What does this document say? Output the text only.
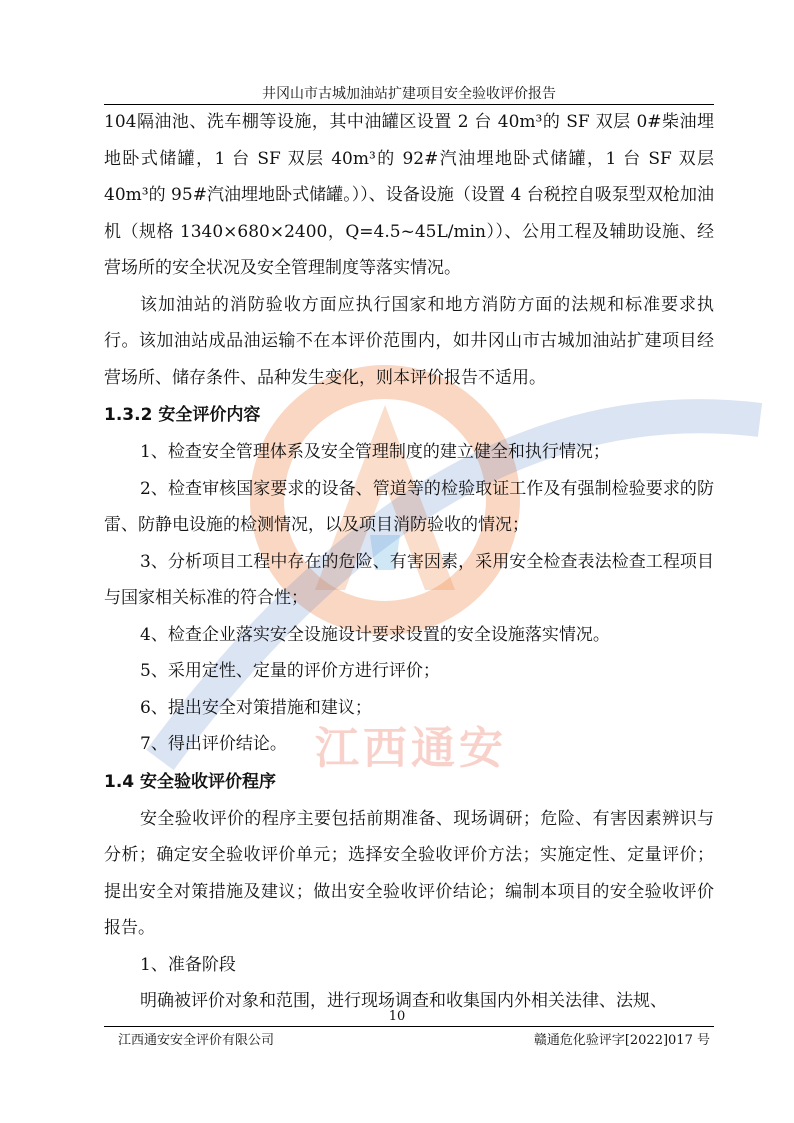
江西通安
井冈山市古城加油站扩建项目安全验收评价报告

104隔油池、洗车棚等设施，其中油罐区设置 2 台 40m³的 SF 双层 0#柴油埋地卧式储罐，1 台 SF 双层 40m³的 92#汽油埋地卧式储罐，1 台 SF 双层 40m³的 95#汽油埋地卧式储罐。））、设备设施（设置 4 台税控自吸泵型双枪加油机（规格 1340×680×2400，Q=4.5~45L/min））、公用工程及辅助设施、经营场所的安全状况及安全管理制度等落实情况。

该加油站的消防验收方面应执行国家和地方消防方面的法规和标准要求执行。该加油站成品油运输不在本评价范围内，如井冈山市古城加油站扩建项目经营场所、储存条件、品种发生变化，则本评价报告不适用。

1.3.2 安全评价内容

1、检查安全管理体系及安全管理制度的建立健全和执行情况；

2、检查审核国家要求的设备、管道等的检验取证工作及有强制检验要求的防雷、防静电设施的检测情况，以及项目消防验收的情况；

3、分析项目工程中存在的危险、有害因素，采用安全检查表法检查工程项目与国家相关标准的符合性；

4、检查企业落实安全设施设计要求设置的安全设施落实情况。

5、采用定性、定量的评价方进行评价；

6、提出安全对策措施和建议；

7、得出评价结论。

1.4 安全验收评价程序

安全验收评价的程序主要包括前期准备、现场调研；危险、有害因素辨识与分析；确定安全验收评价单元；选择安全验收评价方法；实施定性、定量评价；提出安全对策措施及建议；做出安全验收评价结论；编制本项目的安全验收评价报告。

1、准备阶段

明确被评价对象和范围，进行现场调查和收集国内外相关法律、法规、

10
江西通安安全评价有限公司	赣通危化验评字[2022]017 号
